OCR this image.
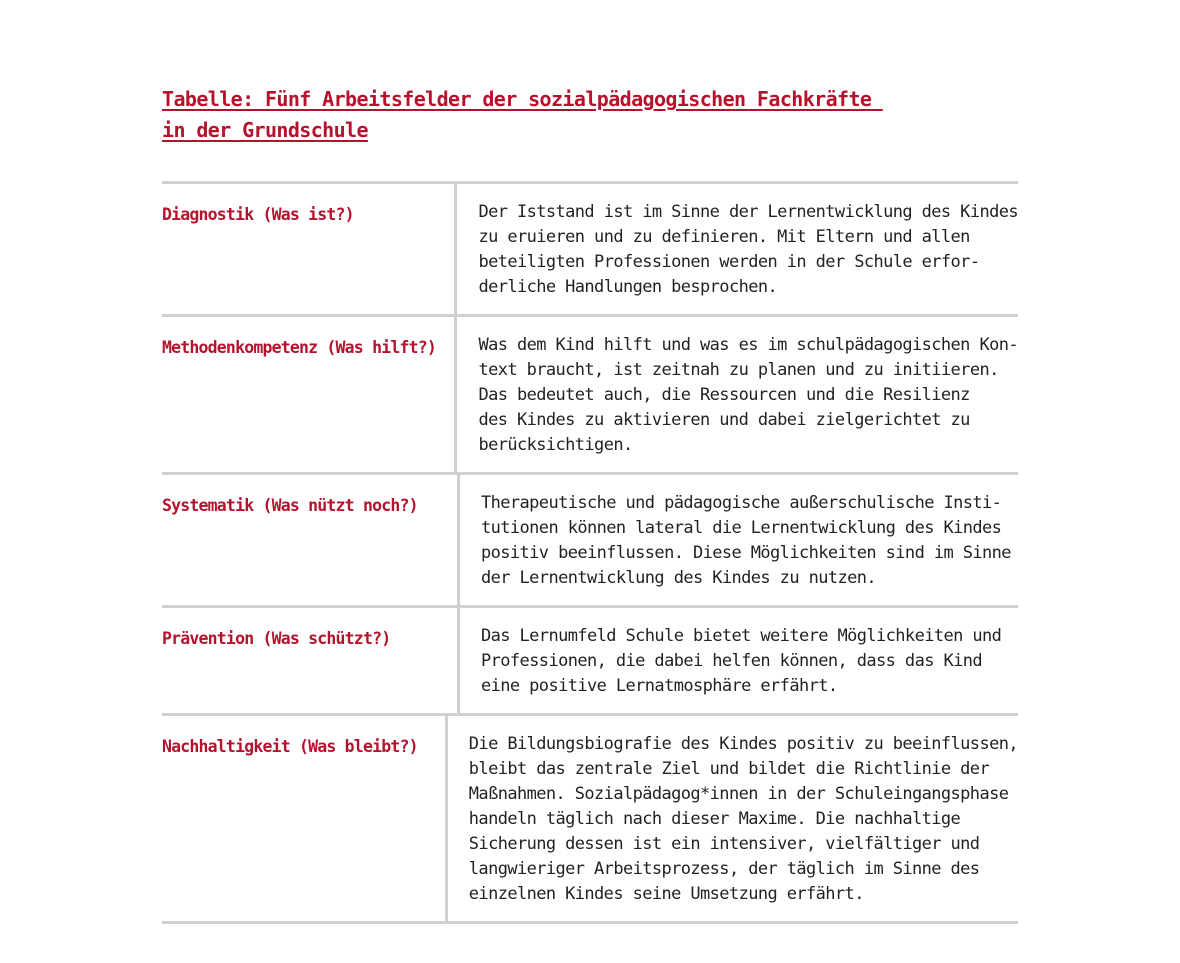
Tabelle: Fünf Arbeitsfelder der sozialpädagogischen Fachkräfte
in der Grundschule
Diagnostik (Was ist?)	Der Iststand ist im Sinne der Lernentwicklung des Kindes
zu eruieren und zu definieren. Mit Eltern und allen
beteiligten Professionen werden in der Schule erfor-
derliche Handlungen besprochen.
Methodenkompetenz (Was hilft?)	Was dem Kind hilft und was es im schulpädagogischen Kon-
text braucht, ist zeitnah zu planen und zu initiieren.
Das bedeutet auch, die Ressourcen und die Resilienz
des Kindes zu aktivieren und dabei zielgerichtet zu
berücksichtigen.
Systematik (Was nützt noch?)	Therapeutische und pädagogische außerschulische Insti-
tutionen können lateral die Lernentwicklung des Kindes
positiv beeinflussen. Diese Möglichkeiten sind im Sinne
der Lernentwicklung des Kindes zu nutzen.
Prävention (Was schützt?)	Das Lernumfeld Schule bietet weitere Möglichkeiten und
Professionen, die dabei helfen können, dass das Kind
eine positive Lernatmosphäre erfährt.
Nachhaltigkeit (Was bleibt?)	Die Bildungsbiografie des Kindes positiv zu beeinflussen,
bleibt das zentrale Ziel und bildet die Richtlinie der
Maßnahmen. Sozialpädagog*innen in der Schuleingangsphase
handeln täglich nach dieser Maxime. Die nachhaltige
Sicherung dessen ist ein intensiver, vielfältiger und
langwieriger Arbeitsprozess, der täglich im Sinne des
einzelnen Kindes seine Umsetzung erfährt.
